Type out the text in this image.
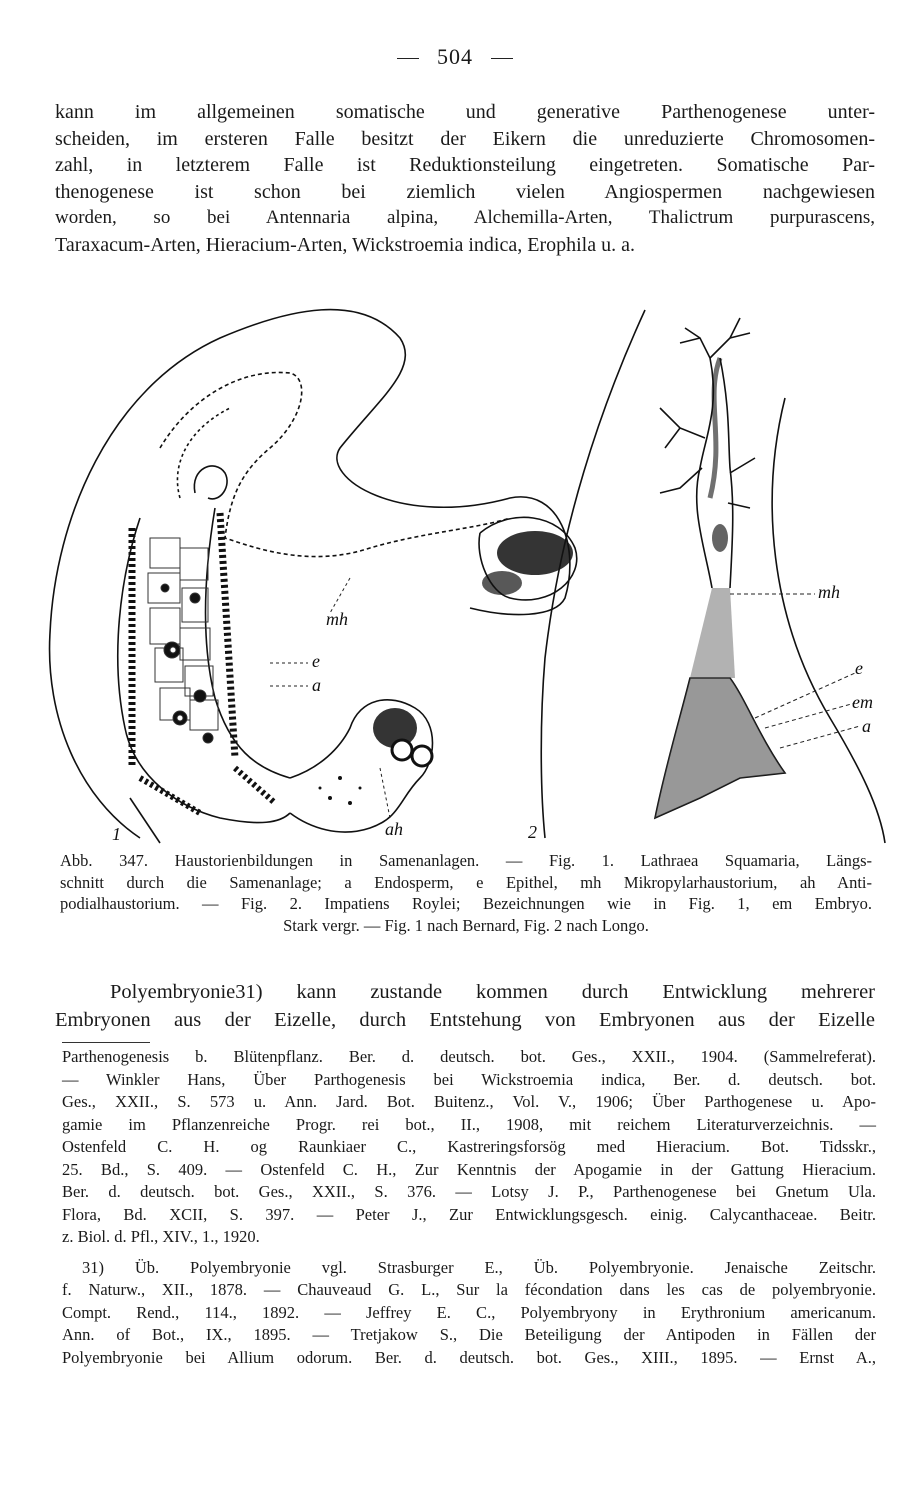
504
kann im allgemeinen somatische und generative Parthenogenese unter-
scheiden, im ersteren Falle besitzt der Eikern die unreduzierte Chromosomen-
zahl, in letzterem Falle ist Reduktionsteilung eingetreten. Somatische Par-
thenogenese ist schon bei ziemlich vielen Angiospermen nachgewiesen
worden, so bei Antennaria alpina, Alchemilla-Arten, Thalictrum purpurascens,
Taraxacum-Arten, Hieracium-Arten, Wickstroemia indica, Erophila u. a.
mh
e
a
ah
1
mh
e
em
a
2
Abb. 347. Haustorienbildungen in Samenanlagen. — Fig. 1. Lathraea Squamaria, Längs-
schnitt durch die Samenanlage; a Endosperm, e Epithel, mh Mikropylarhaustorium, ah Anti-
podialhaustorium. — Fig. 2. Impatiens Roylei; Bezeichnungen wie in Fig. 1, em Embryo.
Stark vergr. — Fig. 1 nach Bernard, Fig. 2 nach Longo.
Polyembryonie31) kann zustande kommen durch Entwicklung mehrerer
Embryonen aus der Eizelle, durch Entstehung von Embryonen aus der Eizelle
Parthenogenesis b. Blütenpflanz. Ber. d. deutsch. bot. Ges., XXII., 1904. (Sammelreferat).
— Winkler Hans, Über Parthogenesis bei Wickstroemia indica, Ber. d. deutsch. bot.
Ges., XXII., S. 573 u. Ann. Jard. Bot. Buitenz., Vol. V., 1906; Über Parthogenese u. Apo-
gamie im Pflanzenreiche Progr. rei bot., II., 1908, mit reichem Literaturverzeichnis. —
Ostenfeld C. H. og Raunkiaer C., Kastreringsforsög med Hieracium. Bot. Tidsskr.,
25. Bd., S. 409. — Ostenfeld C. H., Zur Kenntnis der Apogamie in der Gattung Hieracium.
Ber. d. deutsch. bot. Ges., XXII., S. 376. — Lotsy J. P., Parthenogenese bei Gnetum Ula.
Flora, Bd. XCII, S. 397. — Peter J., Zur Entwicklungsgesch. einig. Calycanthaceae. Beitr.
z. Biol. d. Pfl., XIV., 1., 1920.
31) Üb. Polyembryonie vgl. Strasburger E., Üb. Polyembryonie. Jenaische Zeitschr.
f. Naturw., XII., 1878. — Chauveaud G. L., Sur la fécondation dans les cas de polyembryonie.
Compt. Rend., 114., 1892. — Jeffrey E. C., Polyembryony in Erythronium americanum.
Ann. of Bot., IX., 1895. — Tretjakow S., Die Beteiligung der Antipoden in Fällen der
Polyembryonie bei Allium odorum. Ber. d. deutsch. bot. Ges., XIII., 1895. — Ernst A.,
